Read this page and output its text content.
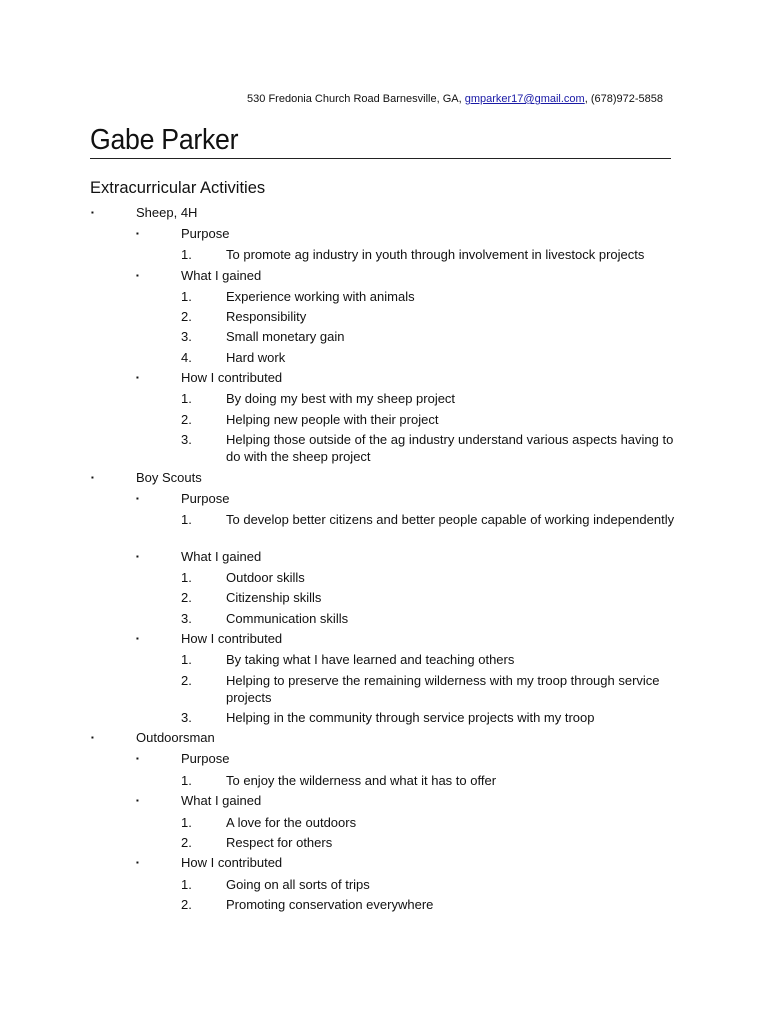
530 Fredonia Church Road Barnesville, GA, gmparker17@gmail.com, (678)972-5858
Gabe Parker
Extracurricular Activities
▪	Sheep, 4H
▪	Purpose
1.	To promote ag industry in youth through involvement in livestock projects
▪	What I gained
1.	Experience working with animals
2.	Responsibility
3.	Small monetary gain
4.	Hard work
▪	How I contributed
1.	By doing my best with my sheep project
2.	Helping new people with their project
3.	Helping those outside of the ag industry understand various aspects having to do with the sheep project
▪	Boy Scouts
▪	Purpose
1.	To develop better citizens and better people capable of working independently
▪	What I gained
1.	Outdoor skills
2.	Citizenship skills
3.	Communication skills
▪	How I contributed
1.	By taking what I have learned and teaching others
2.	Helping to preserve the remaining wilderness with my troop through service projects
3.	Helping in the community through service projects with my troop
▪	Outdoorsman
▪	Purpose
1.	To enjoy the wilderness and what it has to offer
▪	What I gained
1.	A love for the outdoors
2.	Respect for others
▪	How I contributed
1.	Going on all sorts of trips
2.	Promoting conservation everywhere
